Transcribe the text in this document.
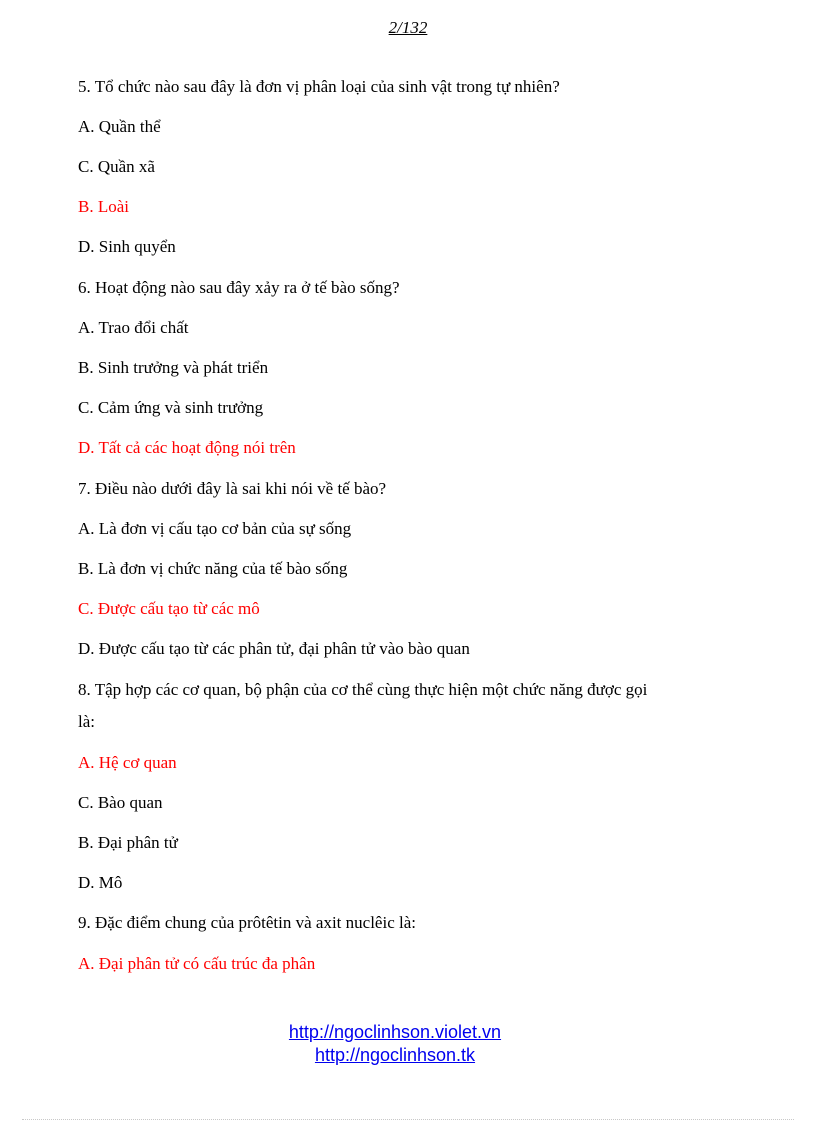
2/132
5. Tổ chức nào sau đây là đơn vị phân loại của sinh vật trong tự nhiên?
A. Quần thể
C. Quần xã
B. Loài
D. Sinh quyển
6. Hoạt động nào sau đây xảy ra ở tế bào sống?
A. Trao đổi chất
B. Sinh trưởng và phát triển
C. Cảm ứng và sinh trưởng
D. Tất cả các hoạt động nói trên
7. Điều nào dưới đây là sai khi nói về tế bào?
A. Là đơn vị cấu tạo cơ bản của sự sống
B. Là đơn vị chức năng của tế bào sống
C. Được cấu tạo từ các mô
D. Được cấu tạo từ các phân tử, đại phân tử vào bào quan
8. Tập hợp các cơ quan, bộ phận của cơ thể cùng thực hiện một chức năng được gọi
là:
A. Hệ cơ quan
C. Bào quan
B. Đại phân tử
D. Mô
9. Đặc điểm chung của prôtêtin và axit nuclêic là:
A. Đại phân tử có cấu trúc đa phân
http://ngoclinhson.violet.vn
http://ngoclinhson.tk
